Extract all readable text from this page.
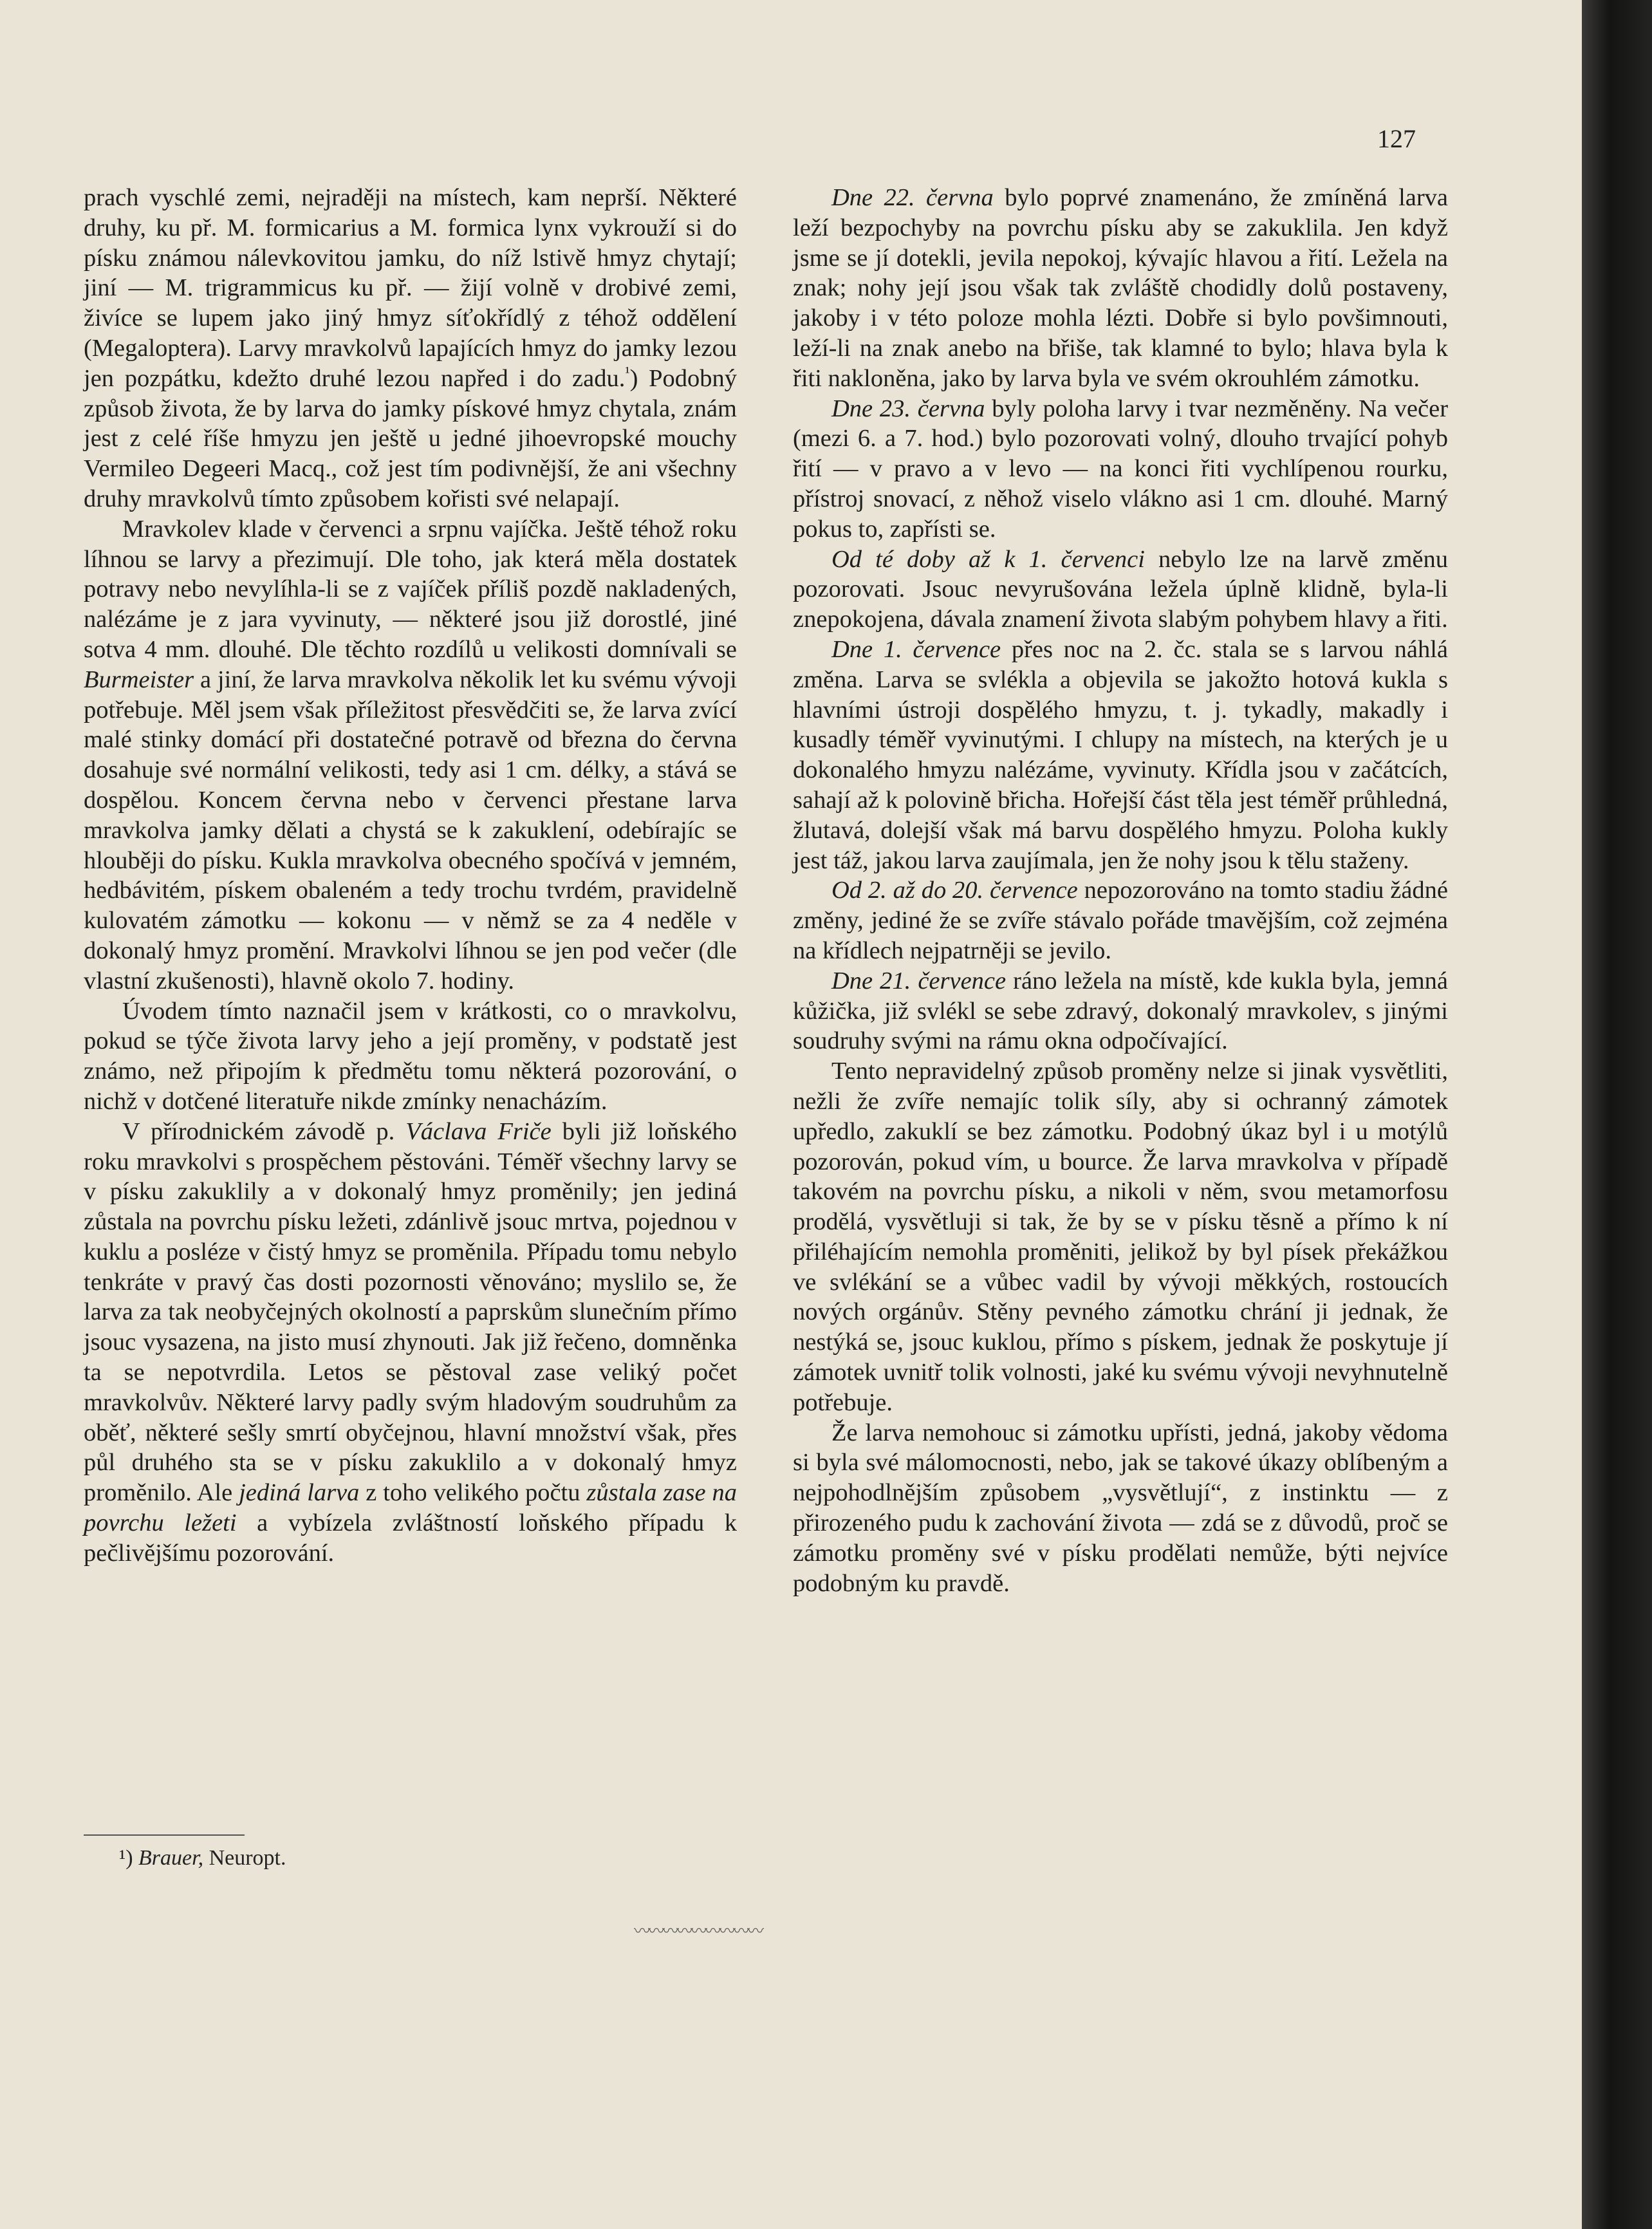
127

prach vyschlé zemi, nejraději na místech, kam neprší. Některé druhy, ku př. M. formicarius a M. formica lynx vykrouží si do písku známou nálevkovitou jamku, do níž lstivě hmyz chytají; jiní — M. trigrammicus ku př. — žijí volně v drobivé zemi, živíce se lupem jako jiný hmyz síťokřídlý z téhož oddělení (Megaloptera). Larvy mravkolvů lapajících hmyz do jamky lezou jen pozpátku, kdežto druhé lezou napřed i do zadu.$^{^1}$) Podobný způsob života, že by larva do jamky pískové hmyz chytala, znám jest z celé říše hmyzu jen ještě u jedné jihoevropské mouchy Vermileo Degeeri Macq., což jest tím podivnější, že ani všechny druhy mravkolvů tímto způsobem kořisti své nelapají.

Mravkolev klade v červenci a srpnu vajíčka. Ještě téhož roku líhnou se larvy a přezimují. Dle toho, jak která měla dostatek potravy nebo nevylíhla-li se z vajíček příliš pozdě nakladených, nalézáme je z jara vyvinuty, — některé jsou již dorostlé, jiné sotva 4 mm. dlouhé. Dle těchto rozdílů u velikosti domnívali se Burmeister a jiní, že larva mravkolva několik let ku svému vývoji potřebuje. Měl jsem však příležitost přesvědčiti se, že larva zvící malé stinky domácí při dostatečné potravě od března do června dosahuje své normální velikosti, tedy asi 1 cm. délky, a stává se dospělou. Koncem června nebo v červenci přestane larva mravkolva jamky dělati a chystá se k zakuklení, odebírajíc se hlouběji do písku. Kukla mravkolva obecného spočívá v jemném, hedbávitém, pískem obaleném a tedy trochu tvrdém, pravidelně kulovatém zámotku — kokonu — v němž se za 4 neděle v dokonalý hmyz promění. Mravkolvi líhnou se jen pod večer (dle vlastní zkušenosti), hlavně okolo 7. hodiny.

Úvodem tímto naznačil jsem v krátkosti, co o mravkolvu, pokud se týče života larvy jeho a její proměny, v podstatě jest známo, než připojím k předmětu tomu některá pozorování, o nichž v dotčené literatuře nikde zmínky nenacházím.

V přírodnickém závodě p. Václava Friče byli již loňského roku mravkolvi s prospěchem pěstováni. Téměř všechny larvy se v písku zakuklily a v dokonalý hmyz proměnily; jen jediná zůstala na povrchu písku ležeti, zdánlivě jsouc mrtva, pojednou v kuklu a posléze v čistý hmyz se proměnila. Případu tomu nebylo tenkráte v pravý čas dosti pozornosti věnováno; myslilo se, že larva za tak neobyčejných okolností a paprskům slunečním přímo jsouc vysazena, na jisto musí zhynouti. Jak již řečeno, domněnka ta se nepotvrdila. Letos se pěstoval zase veliký počet mravkolvův. Některé larvy padly svým hladovým soudruhům za oběť, některé sešly smrtí obyčejnou, hlavní množství však, přes půl druhého sta se v písku zakuklilo a v dokonalý hmyz proměnilo. Ale jediná larva z toho velikého počtu zůstala zase na povrchu ležeti a vybízela zvláštností loňského případu k pečlivějšímu pozorování.

¹) Brauer, Neuropt.

Dne 22. června bylo poprvé znamenáno, že zmíněná larva leží bezpochyby na povrchu písku aby se zakuklila. Jen když jsme se jí dotekli, jevila nepokoj, kývajíc hlavou a řití. Ležela na znak; nohy její jsou však tak zvláště chodidly dolů postaveny, jakoby i v této poloze mohla lézti. Dobře si bylo povšimnouti, leží-li na znak anebo na břiše, tak klamné to bylo; hlava byla k řiti nakloněna, jako by larva byla ve svém okrouhlém zámotku.

Dne 23. června byly poloha larvy i tvar nezměněny. Na večer (mezi 6. a 7. hod.) bylo pozorovati volný, dlouho trvající pohyb řití — v pravo a v levo — na konci řiti vychlípenou rourku, přístroj snovací, z něhož viselo vlákno asi 1 cm. dlouhé. Marný pokus to, zapřísti se.

Od té doby až k 1. červenci nebylo lze na larvě změnu pozorovati. Jsouc nevyrušována ležela úplně klidně, byla-li znepokojena, dávala znamení života slabým pohybem hlavy a řiti.

Dne 1. července přes noc na 2. čc. stala se s larvou náhlá změna. Larva se svlékla a objevila se jakožto hotová kukla s hlavními ústroji dospělého hmyzu, t. j. tykadly, makadly i kusadly téměř vyvinutými. I chlupy na místech, na kterých je u dokonalého hmyzu nalézáme, vyvinuty. Křídla jsou v začátcích, sahají až k polovině břicha. Hořejší část těla jest téměř průhledná, žlutavá, dolejší však má barvu dospělého hmyzu. Poloha kukly jest táž, jakou larva zaujímala, jen že nohy jsou k tělu staženy.

Od 2. až do 20. července nepozorováno na tomto stadiu žádné změny, jediné že se zvíře stávalo pořáde tmavějším, což zejména na křídlech nejpatrněji se jevilo.

Dne 21. července ráno ležela na místě, kde kukla byla, jemná kůžička, již svlékl se sebe zdravý, dokonalý mravkolev, s jinými soudruhy svými na rámu okna odpočívající.

Tento nepravidelný způsob proměny nelze si jinak vysvětliti, nežli že zvíře nemajíc tolik síly, aby si ochranný zámotek upředlo, zakuklí se bez zámotku. Podobný úkaz byl i u motýlů pozorován, pokud vím, u bource. Že larva mravkolva v případě takovém na povrchu písku, a nikoli v něm, svou metamorfosu prodělá, vysvětluji si tak, že by se v písku těsně a přímo k ní přiléhajícím nemohla proměniti, jelikož by byl písek překážkou ve svlékání se a vůbec vadil by vývoji měkkých, rostoucích nových orgánův. Stěny pevného zámotku chrání ji jednak, že nestýká se, jsouc kuklou, přímo s pískem, jednak že poskytuje jí zámotek uvnitř tolik volnosti, jaké ku svému vývoji nevyhnutelně potřebuje.

Že larva nemohouc si zámotku upřísti, jedná, jakoby vědoma si byla své málomocnosti, nebo, jak se takové úkazy oblíbeným a nejpohodlnějším způsobem „vysvětlují“, z instinktu — z přirozeného pudu k zachování života — zdá se z důvodů, proč se zámotku proměny své v písku prodělati nemůže, býti nejvíce podobným ku pravdě.

〰〰〰〰〰〰〰〰〰
